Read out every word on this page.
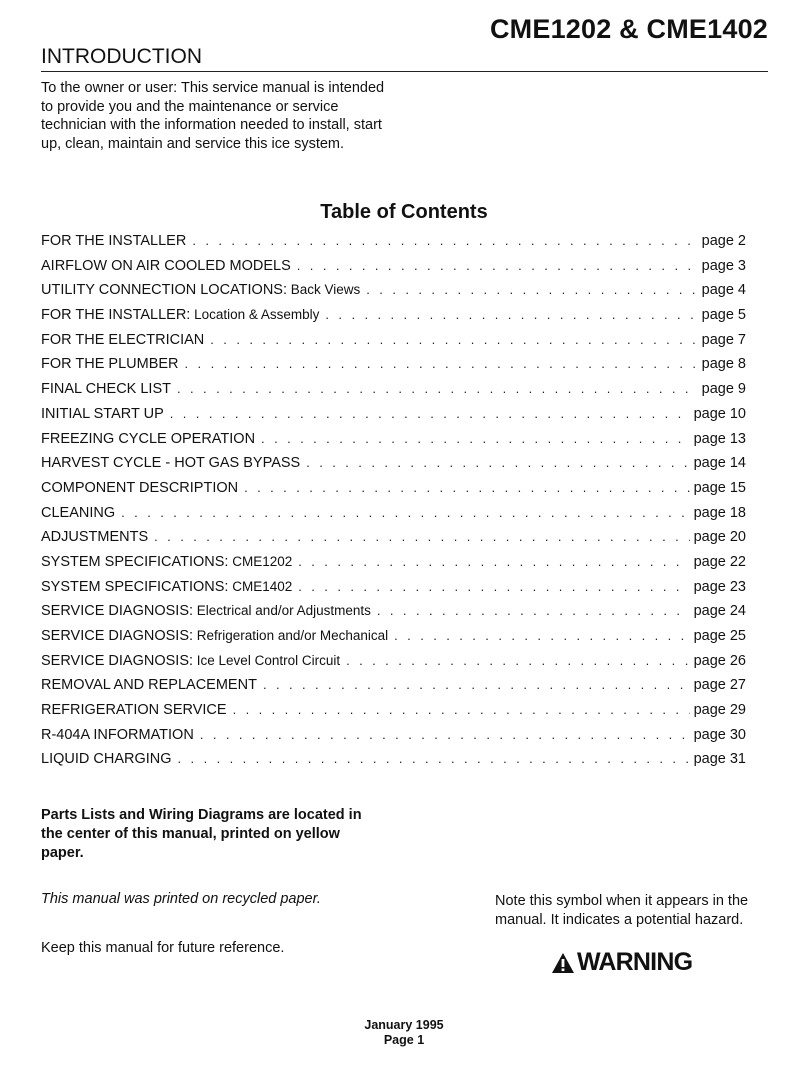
CME1202 & CME1402
INTRODUCTION
To the owner or user: This service manual is intended to provide you and the maintenance or service technician with the information needed to install, start up, clean, maintain and service this ice system.
Table of Contents
FOR THE INSTALLER . . .	page 2
AIRFLOW ON AIR COOLED MODELS . . .	page 3
UTILITY CONNECTION LOCATIONS: Back Views . . .	page 4
FOR THE INSTALLER: Location & Assembly . . .	page 5
FOR THE ELECTRICIAN . . .	page 7
FOR THE PLUMBER . . .	page 8
FINAL CHECK LIST . . .	page 9
INITIAL START UP . . .	page 10
FREEZING CYCLE OPERATION . . .	page 13
HARVEST CYCLE - HOT GAS BYPASS . . .	page 14
COMPONENT DESCRIPTION . . .	page 15
CLEANING . . .	page 18
ADJUSTMENTS . . .	page 20
SYSTEM SPECIFICATIONS: CME1202 . . .	page 22
SYSTEM SPECIFICATIONS: CME1402 . . .	page 23
SERVICE DIAGNOSIS: Electrical and/or Adjustments . . .	page 24
SERVICE DIAGNOSIS: Refrigeration and/or Mechanical . . .	page 25
SERVICE DIAGNOSIS: Ice Level Control Circuit . . .	page 26
REMOVAL AND REPLACEMENT . . .	page 27
REFRIGERATION SERVICE . . .	page 29
R-404A INFORMATION . . .	page 30
LIQUID CHARGING . . .	page 31
Parts Lists and Wiring Diagrams are located in the center of this manual, printed on yellow paper.
This manual was printed on recycled paper.
Keep this manual for future reference.
Note this symbol when it appears in the manual. It indicates a potential hazard.
WARNING
January 1995
Page 1
